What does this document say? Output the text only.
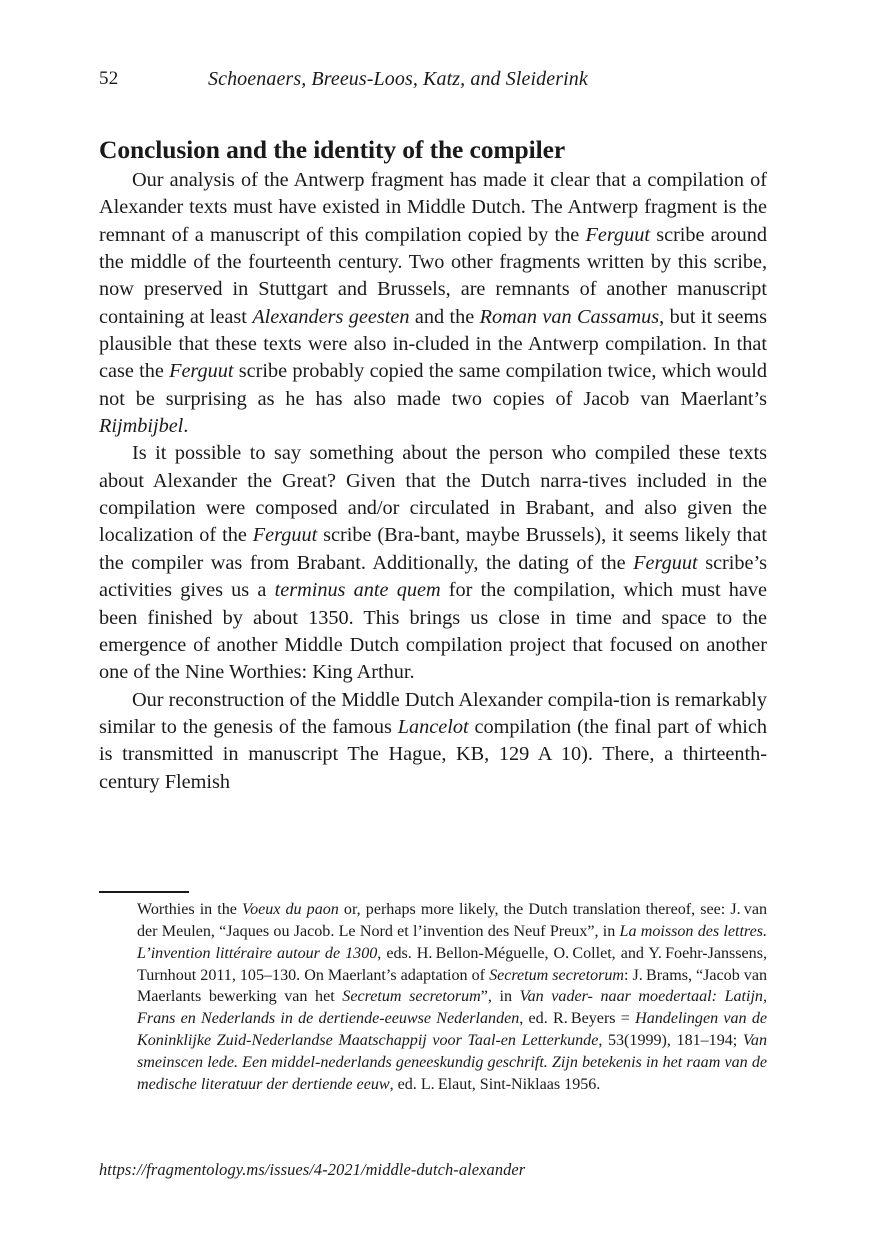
52	Schoenaers, Breeus-Loos, Katz, and Sleiderink
Conclusion and the identity of the compiler

Our analysis of the Antwerp fragment has made it clear that a compilation of Alexander texts must have existed in Middle Dutch. The Antwerp fragment is the remnant of a manuscript of this compilation copied by the Ferguut scribe around the middle of the fourteenth century. Two other fragments written by this scribe, now preserved in Stuttgart and Brussels, are remnants of another manuscript containing at least Alexanders geesten and the Roman van Cassamus, but it seems plausible that these texts were also in‐cluded in the Antwerp compilation. In that case the Ferguut scribe probably copied the same compilation twice, which would not be surprising as he has also made two copies of Jacob van Maerlant’s Rijmbijbel.

Is it possible to say something about the person who compiled these texts about Alexander the Great? Given that the Dutch narra‐tives included in the compilation were composed and/or circulated in Brabant, and also given the localization of the Ferguut scribe (Bra‐bant, maybe Brussels), it seems likely that the compiler was from Brabant. Additionally, the dating of the Ferguut scribe’s activities gives us a terminus ante quem for the compilation, which must have been finished by about 1350. This brings us close in time and space to the emergence of another Middle Dutch compilation project that focused on another one of the Nine Worthies: King Arthur.

Our reconstruction of the Middle Dutch Alexander compila‐tion is remarkably similar to the genesis of the famous Lancelot compilation (the final part of which is transmitted in manuscript The Hague, KB, 129 A 10). There, a thirteenth-century Flemish

Worthies in the Voeux du paon or, perhaps more likely, the Dutch translation thereof, see: J. van der Meulen, “Jaques ou Jacob. Le Nord et l’invention des Neuf Preux”, in La moisson des lettres. L’invention littéraire autour de 1300, eds. H. Bellon-Méguelle, O. Collet, and Y. Foehr-Janssens, Turnhout 2011, 105–130. On Maerlant’s adaptation of Secretum secretorum: J. Brams, “Jacob van Maerlants bewerking van het Secretum secretorum”, in Van vader- naar moedertaal: Latijn, Frans en Nederlands in de dertiende-eeuwse Nederlanden, ed. R. Beyers = Handelingen van de Koninklijke Zuid-Nederlandse Maatschappij voor Taal-en Letterkunde, 53(1999), 181–194; Van smeinscen lede. Een middel‐nederlands geneeskundig geschrift. Zijn betekenis in het raam van de medische literatuur der dertiende eeuw, ed. L. Elaut, Sint-Niklaas 1956.

https://fragmentology.ms/issues/4-2021/middle-dutch-alexander
